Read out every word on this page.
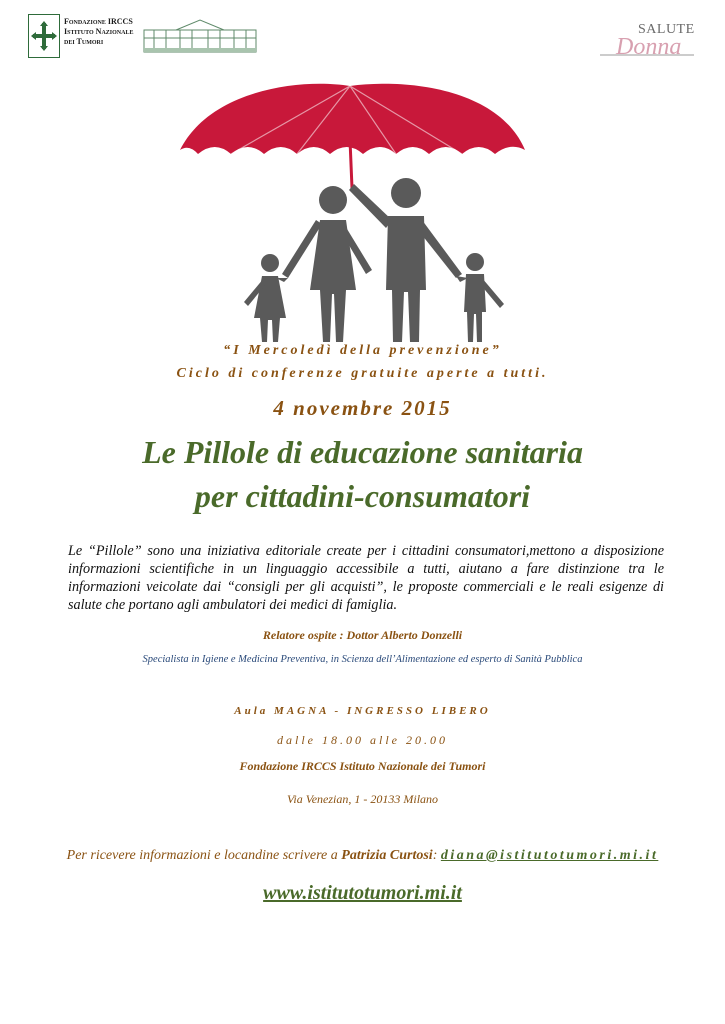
Fondazione IRCCS
Istituto Nazionale
dei Tumori	Donna
SALUTE
“I Mercoledì della prevenzione”
Ciclo di conferenze gratuite aperte a tutti.
4 novembre 2015
Le Pillole di educazione sanitaria
per cittadini-consumatori
Le “Pillole” sono una iniziativa editoriale create per i cittadini consumatori,mettono a disposizione informazioni scientifiche in un linguaggio accessibile a tutti, aiutano a fare distinzione tra le informazioni veicolate dai “consigli per gli acquisti”, le proposte commerciali e le reali esigenze di salute che portano agli ambulatori dei medici di famiglia.
Relatore ospite : Dottor Alberto Donzelli
Specialista in Igiene e Medicina Preventiva, in Scienza dell’Alimentazione ed esperto di Sanità Pubblica
Aula MAGNA - INGRESSO LIBERO
dalle 18.00 alle 20.00
Fondazione IRCCS Istituto Nazionale dei Tumori
Via Venezian, 1 - 20133 Milano
Per ricevere informazioni e locandine scrivere a Patrizia Curtosi: diana@istitutotumori.mi.it
www.istitutotumori.mi.it
